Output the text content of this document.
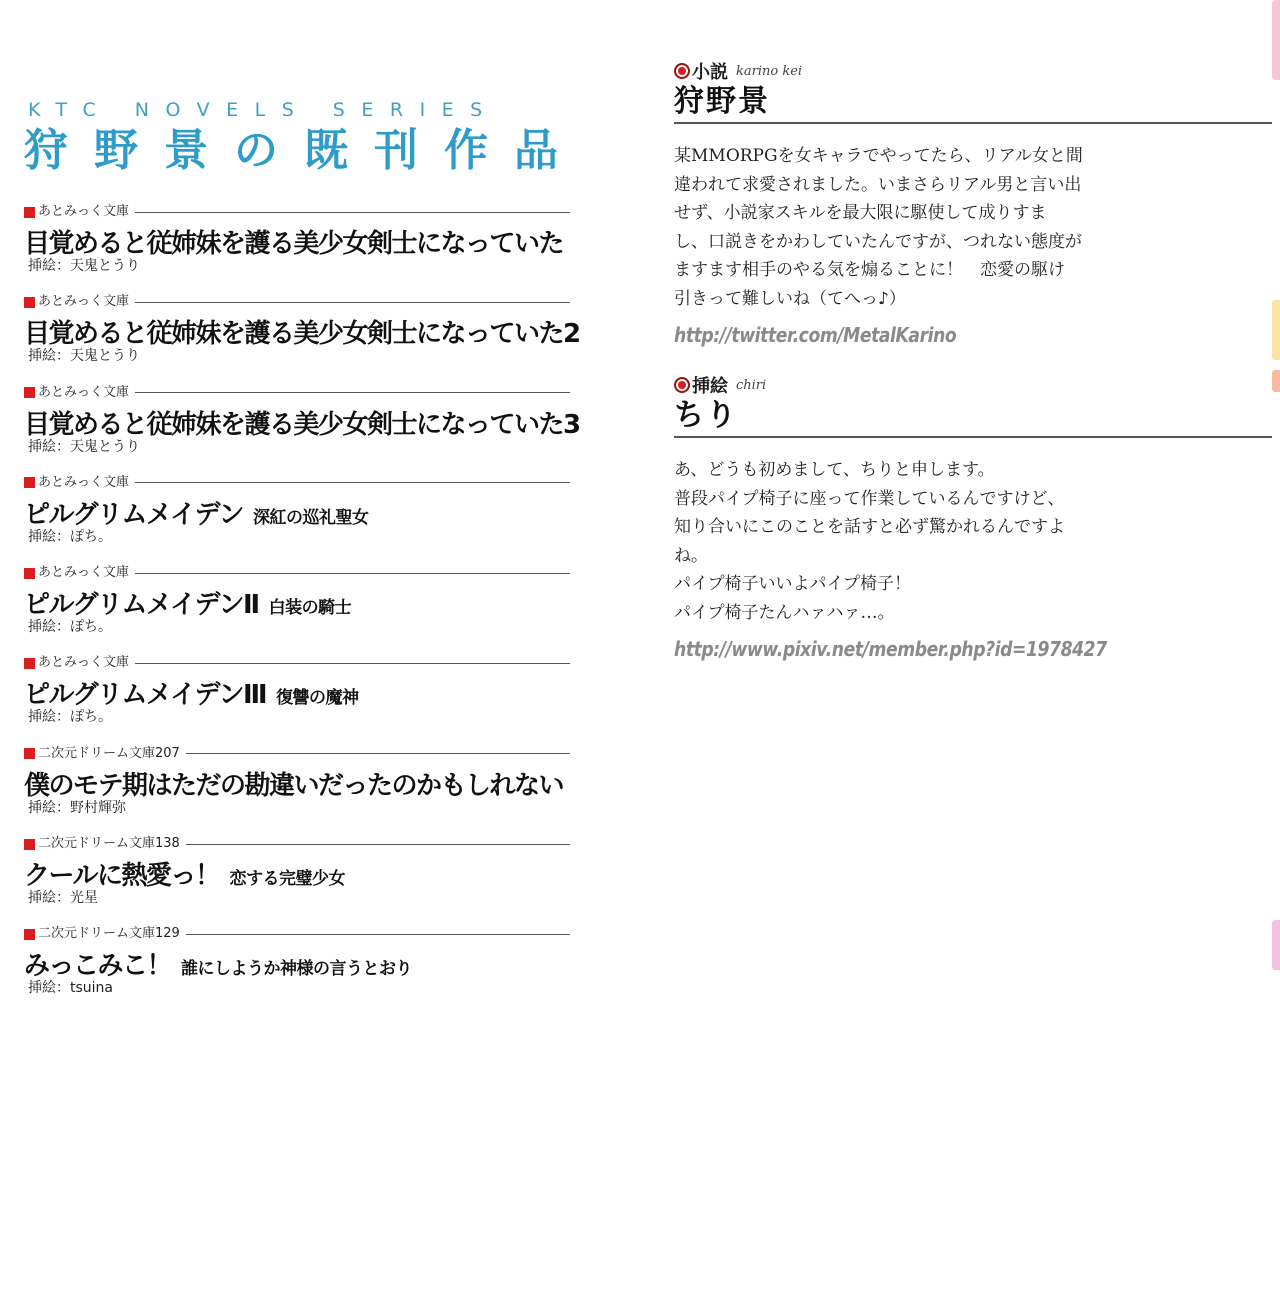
KTC NOVELS SERIES
狩野景の既刊作品
あとみっく文庫
目覚めると従姉妹を護る美少女剣士になっていた
挿絵：天鬼とうり
あとみっく文庫
目覚めると従姉妹を護る美少女剣士になっていた2
挿絵：天鬼とうり
あとみっく文庫
目覚めると従姉妹を護る美少女剣士になっていた3
挿絵：天鬼とうり
あとみっく文庫
ピルグリムメイデン 深紅の巡礼聖女
挿絵：ぽち。
あとみっく文庫
ピルグリムメイデンⅡ 白装の騎士
挿絵：ぽち。
あとみっく文庫
ピルグリムメイデンⅢ 復讐の魔神
挿絵：ぽち。
二次元ドリーム文庫207
僕のモテ期はただの勘違いだったのかもしれない
挿絵：野村輝弥
二次元ドリーム文庫138
クールに熱愛っ！ 恋する完璧少女
挿絵：光星
二次元ドリーム文庫129
みっこみこ！ 誰にしようか神様の言うとおり
挿絵：tsuina
小説 karino kei
狩野景
某MMORPGを女キャラでやってたら、リアル女と間
違われて求愛されました。いまさらリアル男と言い出
せず、小説家スキルを最大限に駆使して成りすま
し、口説きをかわしていたんですが、つれない態度が
ますます相手のやる気を煽ることに！　恋愛の駆け
引きって難しいね（てへっ♪）
http://twitter.com/MetalKarino
挿絵 chiri
ちり
あ、どうも初めまして、ちりと申します。
普段パイプ椅子に座って作業しているんですけど、
知り合いにこのことを話すと必ず驚かれるんですよ
ね。
パイプ椅子いいよパイプ椅子！
パイプ椅子たんハァハァ…。
http://www.pixiv.net/member.php?id=1978427
